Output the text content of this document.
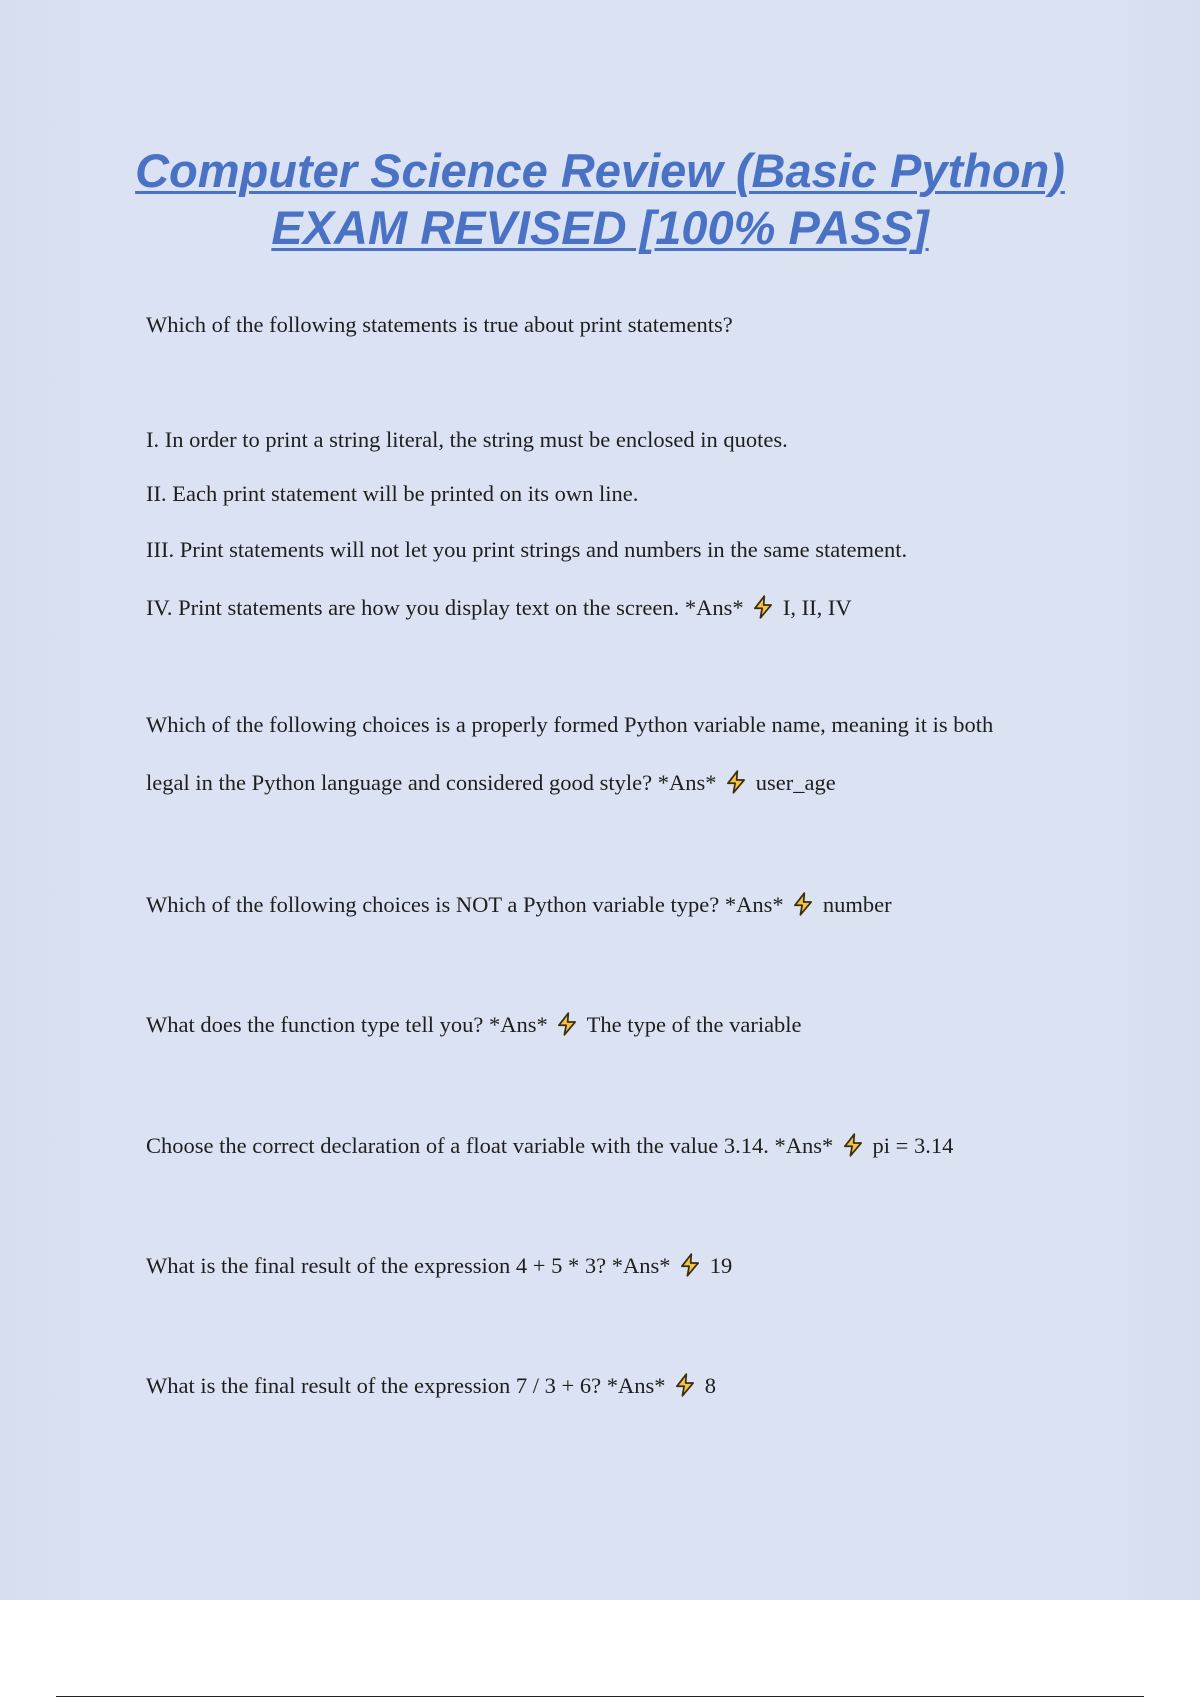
Computer Science Review (Basic Python) EXAM REVISED [100% PASS]

Which of the following statements is true about print statements?

I. In order to print a string literal, the string must be enclosed in quotes.

II. Each print statement will be printed on its own line.

III. Print statements will not let you print strings and numbers in the same statement.

IV. Print statements are how you display text on the screen. *Ans* I, II, IV

Which of the following choices is a properly formed Python variable name, meaning it is both

legal in the Python language and considered good style? *Ans* user_age

Which of the following choices is NOT a Python variable type? *Ans* number

What does the function type tell you? *Ans* The type of the variable

Choose the correct declaration of a float variable with the value 3.14. *Ans* pi = 3.14

What is the final result of the expression 4 + 5 * 3? *Ans* 19

What is the final result of the expression 7 / 3 + 6? *Ans* 8
